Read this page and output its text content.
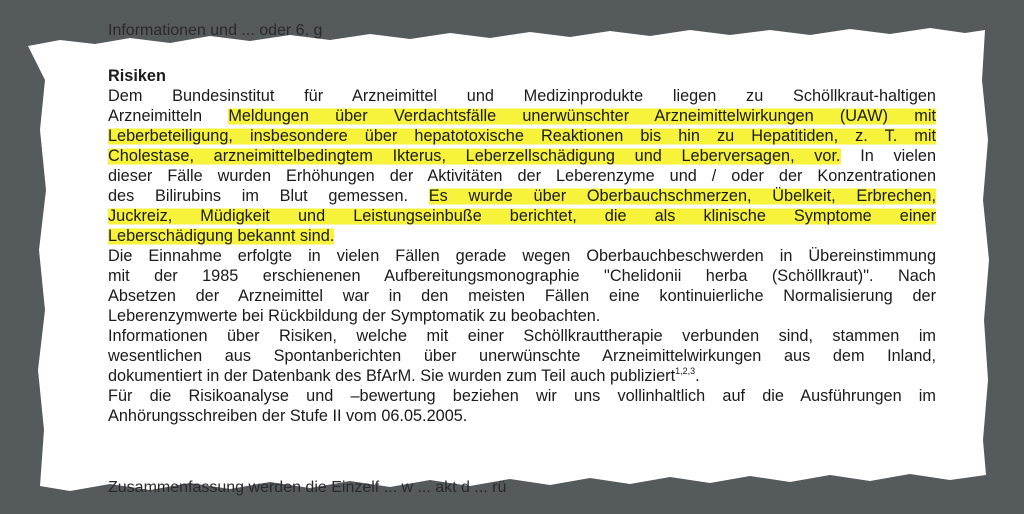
Informationen und ... oder 6. g

Risiken

Dem Bundesinstitut für Arzneimittel und Medizinprodukte liegen zu Schöllkraut-haltigen

Arzneimitteln Meldungen über Verdachtsfälle unerwünschter Arzneimittelwirkungen (UAW) mit

Leberbeteiligung, insbesondere über hepatotoxische Reaktionen bis hin zu Hepatitiden, z. T. mit

Cholestase, arzneimittelbedingtem Ikterus, Leberzellschädigung und Leberversagen, vor. In vielen

dieser Fälle wurden Erhöhungen der Aktivitäten der Leberenzyme und / oder der Konzentrationen

des Bilirubins im Blut gemessen. Es wurde über Oberbauchschmerzen, Übelkeit, Erbrechen,

Juckreiz, Müdigkeit und Leistungseinbuße berichtet, die als klinische Symptome einer

Leberschädigung bekannt sind.

Die Einnahme erfolgte in vielen Fällen gerade wegen Oberbauchbeschwerden in Übereinstimmung

mit der 1985 erschienenen Aufbereitungsmonographie "Chelidonii herba (Schöllkraut)". Nach

Absetzen der Arzneimittel war in den meisten Fällen eine kontinuierliche Normalisierung der

Leberenzymwerte bei Rückbildung der Symptomatik zu beobachten.

Informationen über Risiken, welche mit einer Schöllkrauttherapie verbunden sind, stammen im

wesentlichen aus Spontanberichten über unerwünschte Arzneimittelwirkungen aus dem Inland,

dokumentiert in der Datenbank des BfArM. Sie wurden zum Teil auch publiziert$^{1,2,3}$.

Für die Risikoanalyse und –bewertung beziehen wir uns vollinhaltlich auf die Ausführungen im

Anhörungsschreiben der Stufe II vom 06.05.2005.

Zusammenfassung werden die Einzelf ... w ... akt d ... rü
